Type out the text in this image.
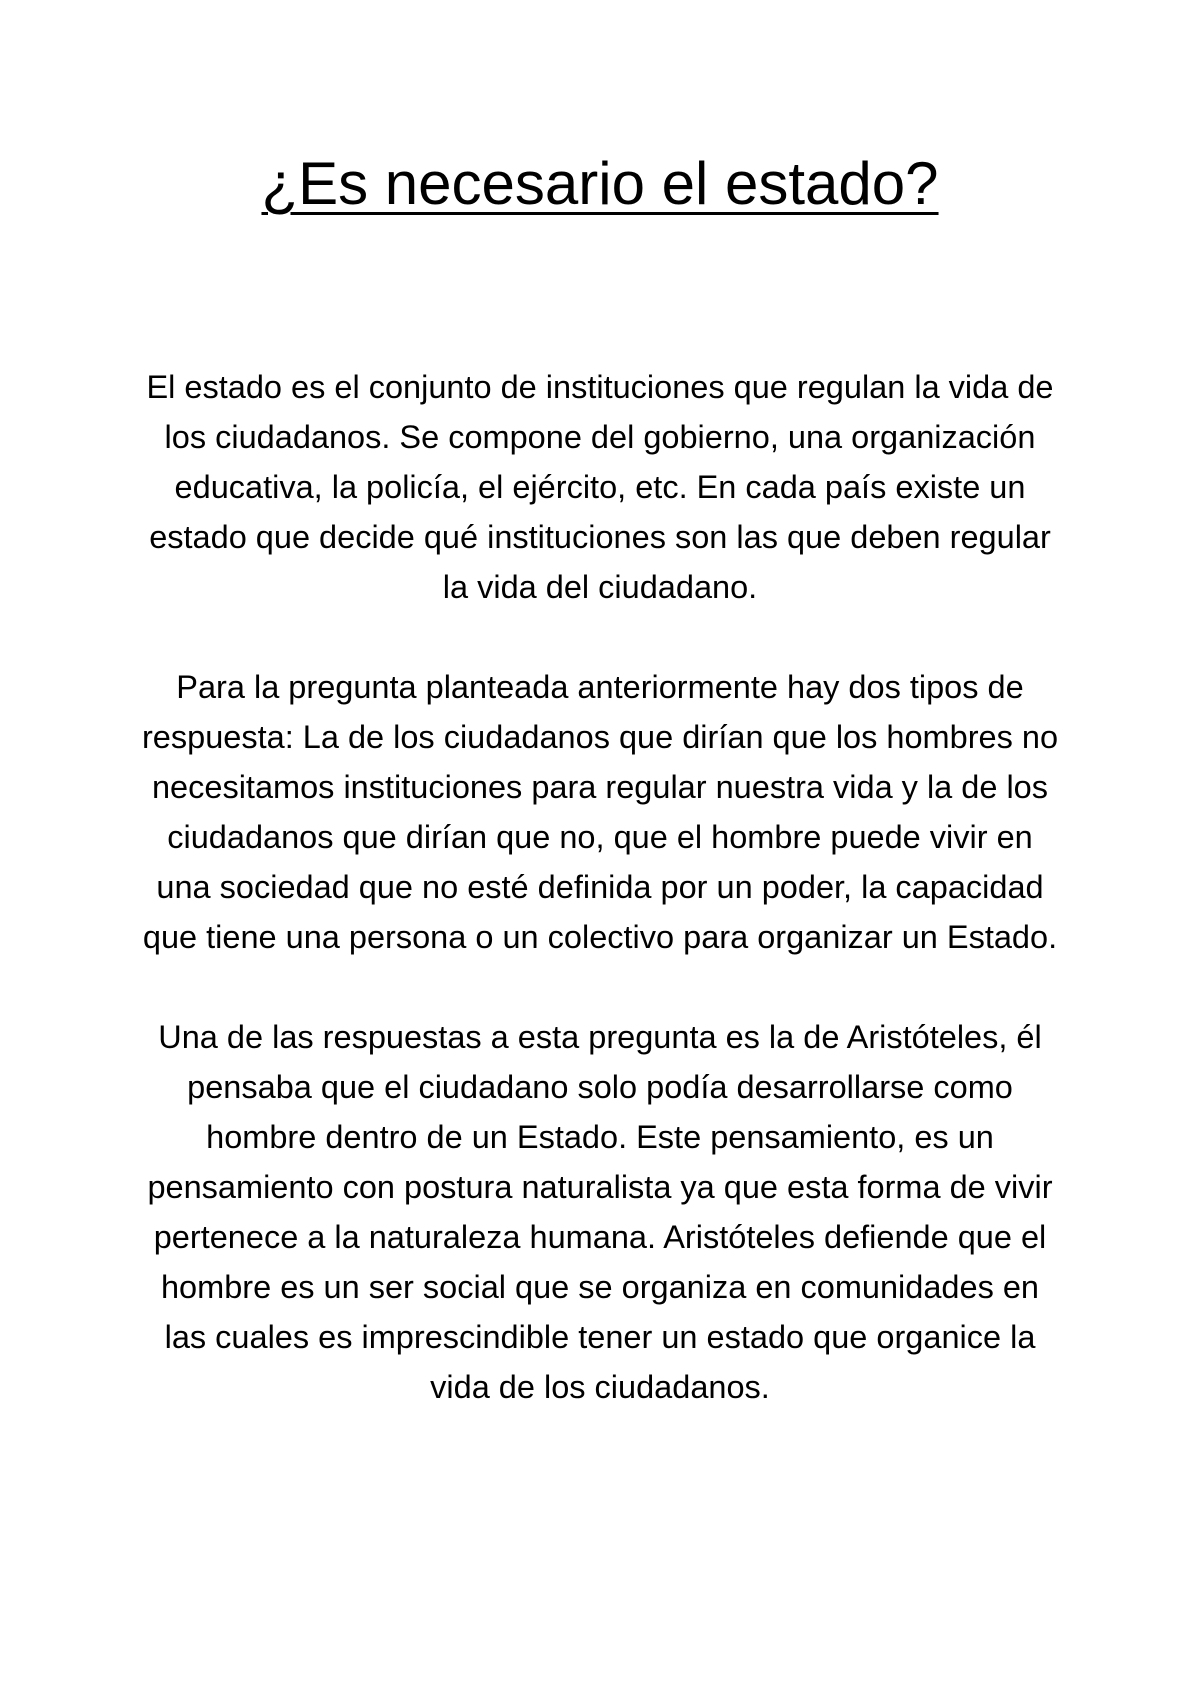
¿Es necesario el estado?

El estado es el conjunto de instituciones que regulan la vida de los ciudadanos. Se compone del gobierno, una organización educativa, la policía, el ejército, etc. En cada país existe un estado que decide qué instituciones son las que deben regular la vida del ciudadano.

Para la pregunta planteada anteriormente hay dos tipos de respuesta: La de los ciudadanos que dirían que los hombres no necesitamos instituciones para regular nuestra vida y la de los ciudadanos que dirían que no, que el hombre puede vivir en una sociedad que no esté definida por un poder, la capacidad que tiene una persona o un colectivo para organizar un Estado.

Una de las respuestas a esta pregunta es la de Aristóteles, él pensaba que el ciudadano solo podía desarrollarse como hombre dentro de un Estado. Este pensamiento, es un pensamiento con postura naturalista ya que esta forma de vivir pertenece a la naturaleza humana. Aristóteles defiende que el hombre es un ser social que se organiza en comunidades en las cuales es imprescindible tener un estado que organice la vida de los ciudadanos.
